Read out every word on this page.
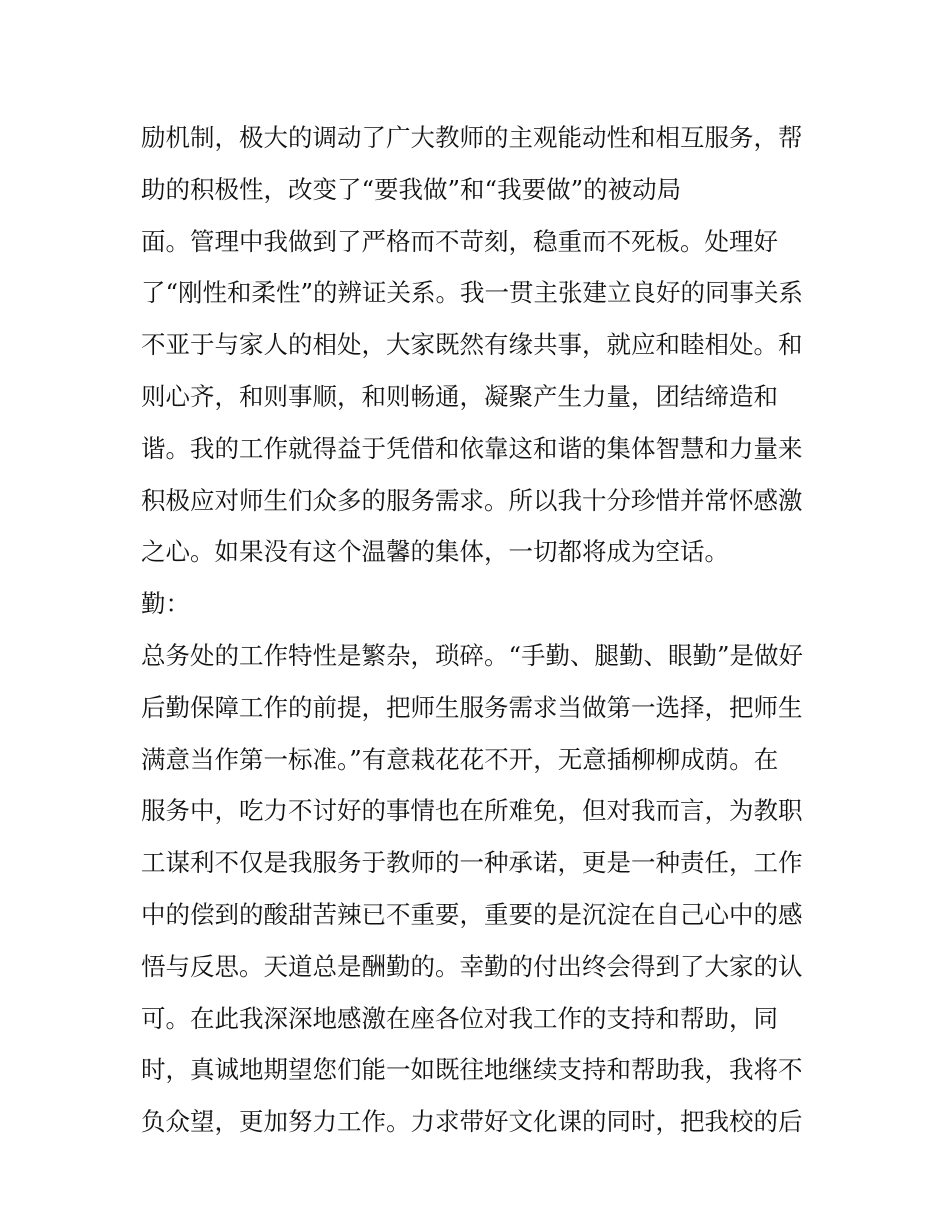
励机制，极大的调动了广大教师的主观能动性和相互服务，帮
助的积极性，改变了“要我做”和“我要做”的被动局
面。管理中我做到了严格而不苛刻，稳重而不死板。处理好
了“刚性和柔性”的辨证关系。我一贯主张建立良好的同事关系
不亚于与家人的相处，大家既然有缘共事，就应和睦相处。和
则心齐，和则事顺，和则畅通，凝聚产生力量，团结缔造和
谐。我的工作就得益于凭借和依靠这和谐的集体智慧和力量来
积极应对师生们众多的服务需求。所以我十分珍惜并常怀感激
之心。如果没有这个温馨的集体，一切都将成为空话。
勤：
总务处的工作特性是繁杂，琐碎。“手勤、腿勤、眼勤”是做好
后勤保障工作的前提，把师生服务需求当做第一选择，把师生
满意当作第一标准。”有意栽花花不开，无意插柳柳成荫。在
服务中，吃力不讨好的事情也在所难免，但对我而言，为教职
工谋利不仅是我服务于教师的一种承诺，更是一种责任，工作
中的偿到的酸甜苦辣已不重要，重要的是沉淀在自己心中的感
悟与反思。天道总是酬勤的。幸勤的付出终会得到了大家的认
可。在此我深深地感激在座各位对我工作的支持和帮助，同
时，真诚地期望您们能一如既往地继续支持和帮助我，我将不
负众望，更加努力工作。力求带好文化课的同时，把我校的后
